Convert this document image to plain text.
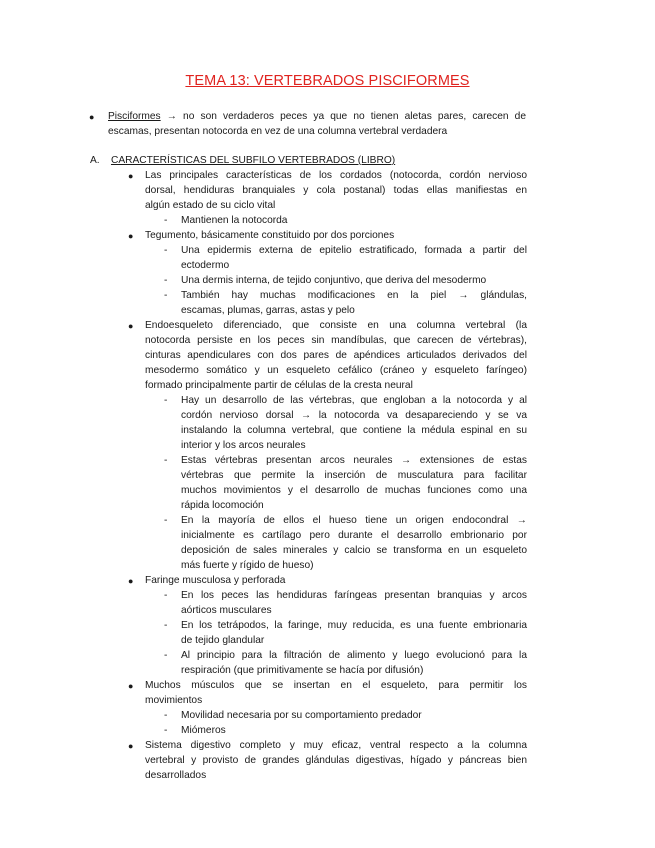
TEMA 13: VERTEBRADOS PISCIFORMES
● Pisciformes → no son verdaderos peces ya que no tienen aletas pares, carecen de

escamas, presentan notocorda en vez de una columna vertebral verdadera

A. CARACTERÍSTICAS DEL SUBFILO VERTEBRADOS (LIBRO)
● Las principales características de los cordados (notocorda, cordón nervioso

dorsal, hendiduras branquiales y cola postanal) todas ellas manifiestas en

algún estado de su ciclo vital

- Mantienen la notocorda

● Tegumento, básicamente constituido por dos porciones

- Una epidermis externa de epitelio estratificado, formada a partir del

ectodermo

- Una dermis interna, de tejido conjuntivo, que deriva del mesodermo

- También hay muchas modificaciones en la piel → glándulas,

escamas, plumas, garras, astas y pelo

● Endoesqueleto diferenciado, que consiste en una columna vertebral (la

notocorda persiste en los peces sin mandíbulas, que carecen de vértebras),

cinturas apendiculares con dos pares de apéndices articulados derivados del

mesodermo somático y un esqueleto cefálico (cráneo y esqueleto faríngeo)

formado principalmente partir de células de la cresta neural

- Hay un desarrollo de las vértebras, que engloban a la notocorda y al

cordón nervioso dorsal → la notocorda va desapareciendo y se va

instalando la columna vertebral, que contiene la médula espinal en su

interior y los arcos neurales

- Estas vértebras presentan arcos neurales → extensiones de estas

vértebras que permite la inserción de musculatura para facilitar

muchos movimientos y el desarrollo de muchas funciones como una

rápida locomoción

- En la mayoría de ellos el hueso tiene un origen endocondral →

inicialmente es cartílago pero durante el desarrollo embrionario por

deposición de sales minerales y calcio se transforma en un esqueleto

más fuerte y rígido de hueso)

● Faringe musculosa y perforada

- En los peces las hendiduras faríngeas presentan branquias y arcos

aórticos musculares

- En los tetrápodos, la faringe, muy reducida, es una fuente embrionaria

de tejido glandular

- Al principio para la filtración de alimento y luego evolucionó para la

respiración (que primitivamente se hacía por difusión)

● Muchos músculos que se insertan en el esqueleto, para permitir los

movimientos

- Movilidad necesaria por su comportamiento predador

- Miómeros

● Sistema digestivo completo y muy eficaz, ventral respecto a la columna

vertebral y provisto de grandes glándulas digestivas, hígado y páncreas bien

desarrollados
